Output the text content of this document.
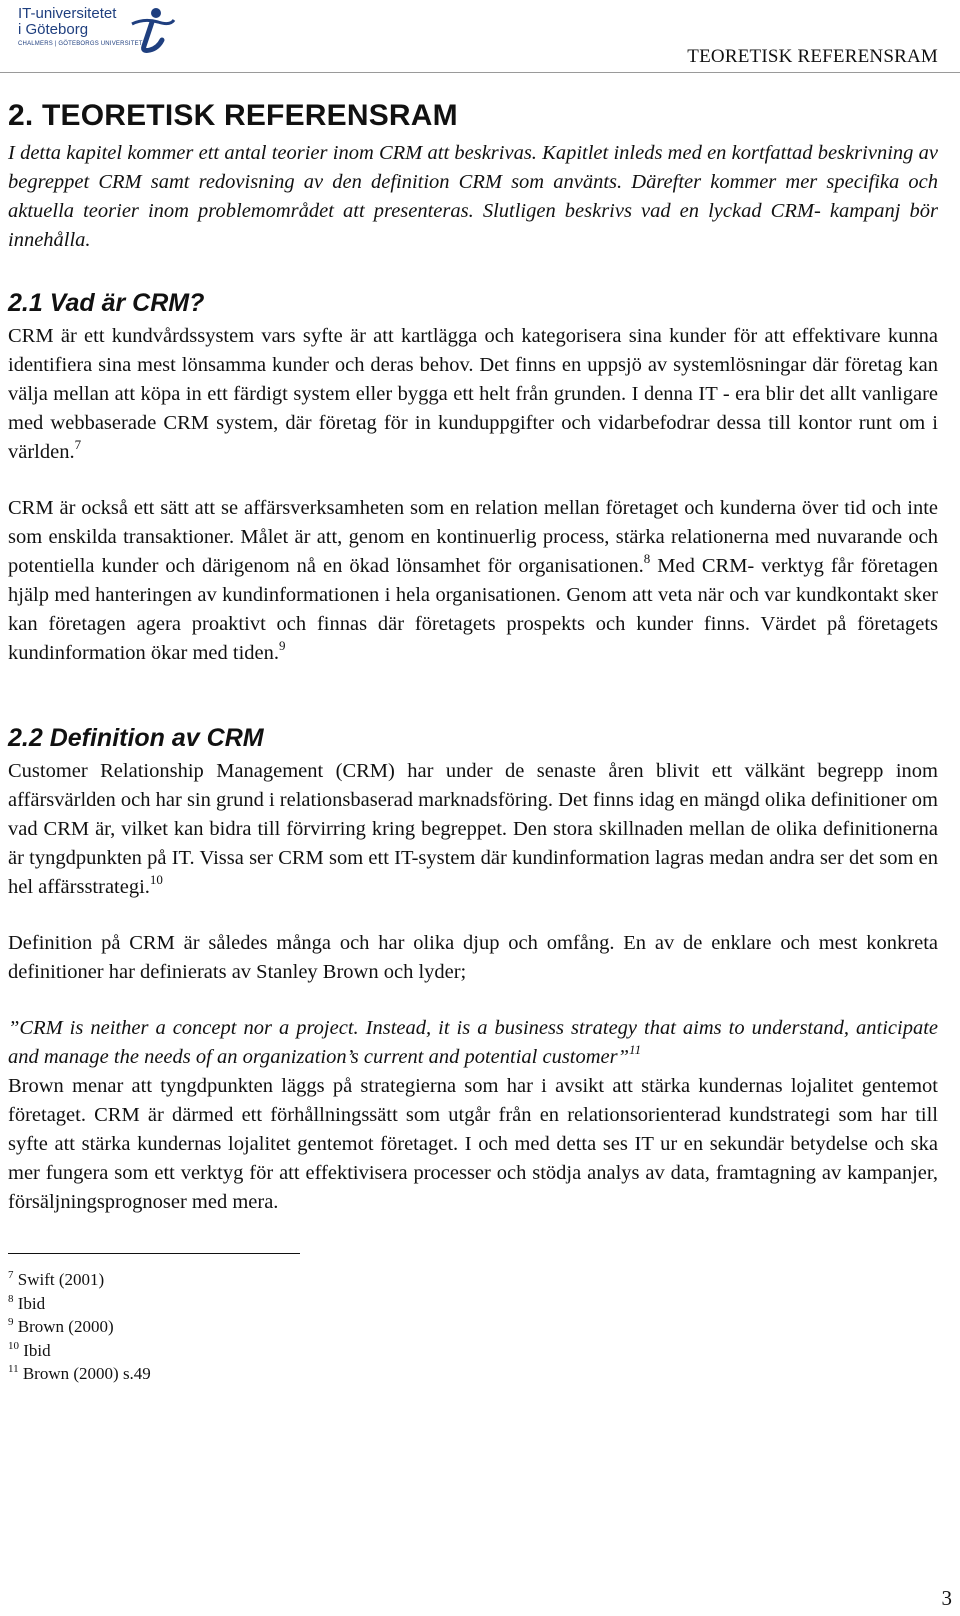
IT-universitetet
i Göteborg
CHALMERS | GÖTEBORGS UNIVERSITET
TEORETISK REFERENSRAM
2. TEORETISK REFERENSRAM

I detta kapitel kommer ett antal teorier inom CRM att beskrivas. Kapitlet inleds med en kortfattad beskrivning av begreppet CRM samt redovisning av den definition CRM som använts. Därefter kommer mer specifika och aktuella teorier inom problemområdet att presenteras. Slutligen beskrivs vad en lyckad CRM- kampanj bör innehålla.

2.1 Vad är CRM?

CRM är ett kundvårdssystem vars syfte är att kartlägga och kategorisera sina kunder för att effektivare kunna identifiera sina mest lönsamma kunder och deras behov. Det finns en uppsjö av systemlösningar där företag kan välja mellan att köpa in ett färdigt system eller bygga ett helt från grunden. I denna IT - era blir det allt vanligare med webbaserade CRM system, där företag för in kunduppgifter och vidarbefodrar dessa till kontor runt om i världen.$^7$

CRM är också ett sätt att se affärsverksamheten som en relation mellan företaget och kunderna över tid och inte som enskilda transaktioner. Målet är att, genom en kontinuerlig process, stärka relationerna med nuvarande och potentiella kunder och därigenom nå en ökad lönsamhet för organisationen.$^8$ Med CRM- verktyg får företagen hjälp med hanteringen av kundinformationen i hela organisationen. Genom att veta när och var kundkontakt sker kan företagen agera proaktivt och finnas där företagets prospekts och kunder finns. Värdet på företagets kundinformation ökar med tiden.$^9$

2.2 Definition av CRM

Customer Relationship Management (CRM) har under de senaste åren blivit ett välkänt begrepp inom affärsvärlden och har sin grund i relationsbaserad marknadsföring. Det finns idag en mängd olika definitioner om vad CRM är, vilket kan bidra till förvirring kring begreppet. Den stora skillnaden mellan de olika definitionerna är tyngdpunkten på IT. Vissa ser CRM som ett IT-system där kundinformation lagras medan andra ser det som en hel affärsstrategi.$^{10}$

Definition på CRM är således många och har olika djup och omfång. En av de enklare och mest konkreta definitioner har definierats av Stanley Brown och lyder;

”CRM is neither a concept nor a project. Instead, it is a business strategy that aims to understand, anticipate and manage the needs of an organization’s current and potential customer”$^{11}$

Brown menar att tyngdpunkten läggs på strategierna som har i avsikt att stärka kundernas lojalitet gentemot företaget. CRM är därmed ett förhållningssätt som utgår från en relationsorienterad kundstrategi som har till syfte att stärka kundernas lojalitet gentemot företaget. I och med detta ses IT ur en sekundär betydelse och ska mer fungera som ett verktyg för att effektivisera processer och stödja analys av data, framtagning av kampanjer, försäljningsprognoser med mera.

$^7$ Swift (2001)
$^8$ Ibid
$^9$ Brown (2000)
$^{10}$ Ibid
$^{11}$ Brown (2000) s.49
3
